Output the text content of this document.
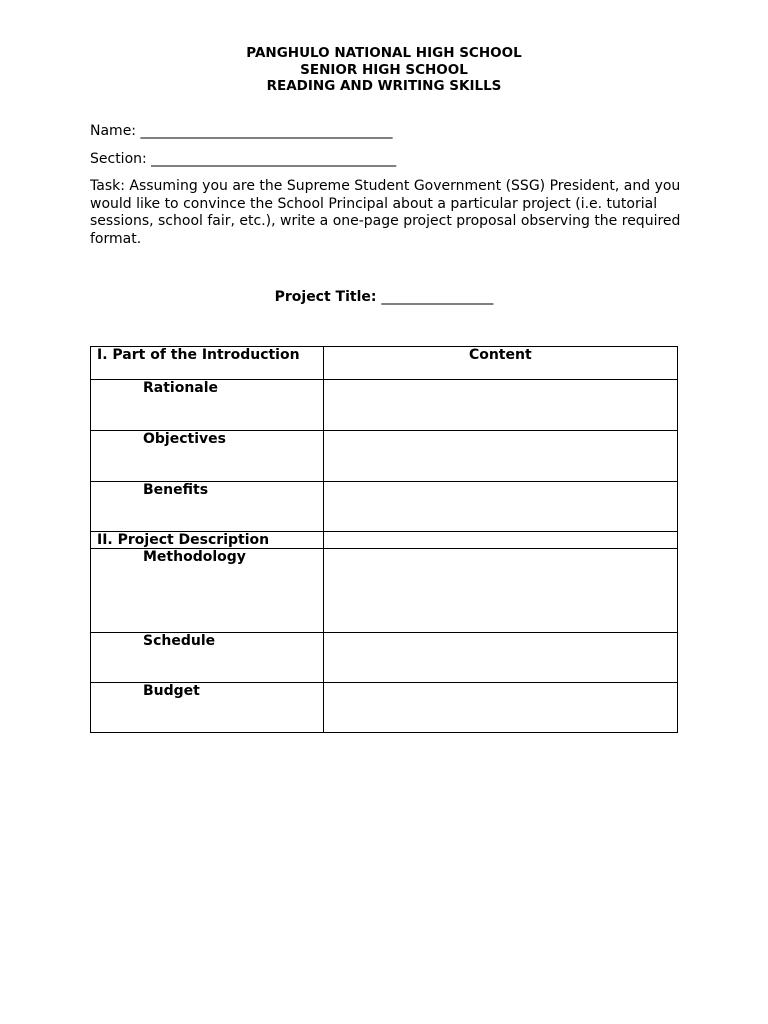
PANGHULO NATIONAL HIGH SCHOOL
SENIOR HIGH SCHOOL
READING AND WRITING SKILLS
Name: ____________________________________
Section: ___________________________________
Task: Assuming you are the Supreme Student Government (SSG) President, and you would like to convince the School Principal about a particular project (i.e. tutorial sessions, school fair, etc.), write a one-page project proposal observing the required format.
Project Title: ________________
I. Part of the Introduction	Content
Rationale	
Objectives	
Benefits	
II. Project Description	
Methodology	
Schedule	
Budget	
